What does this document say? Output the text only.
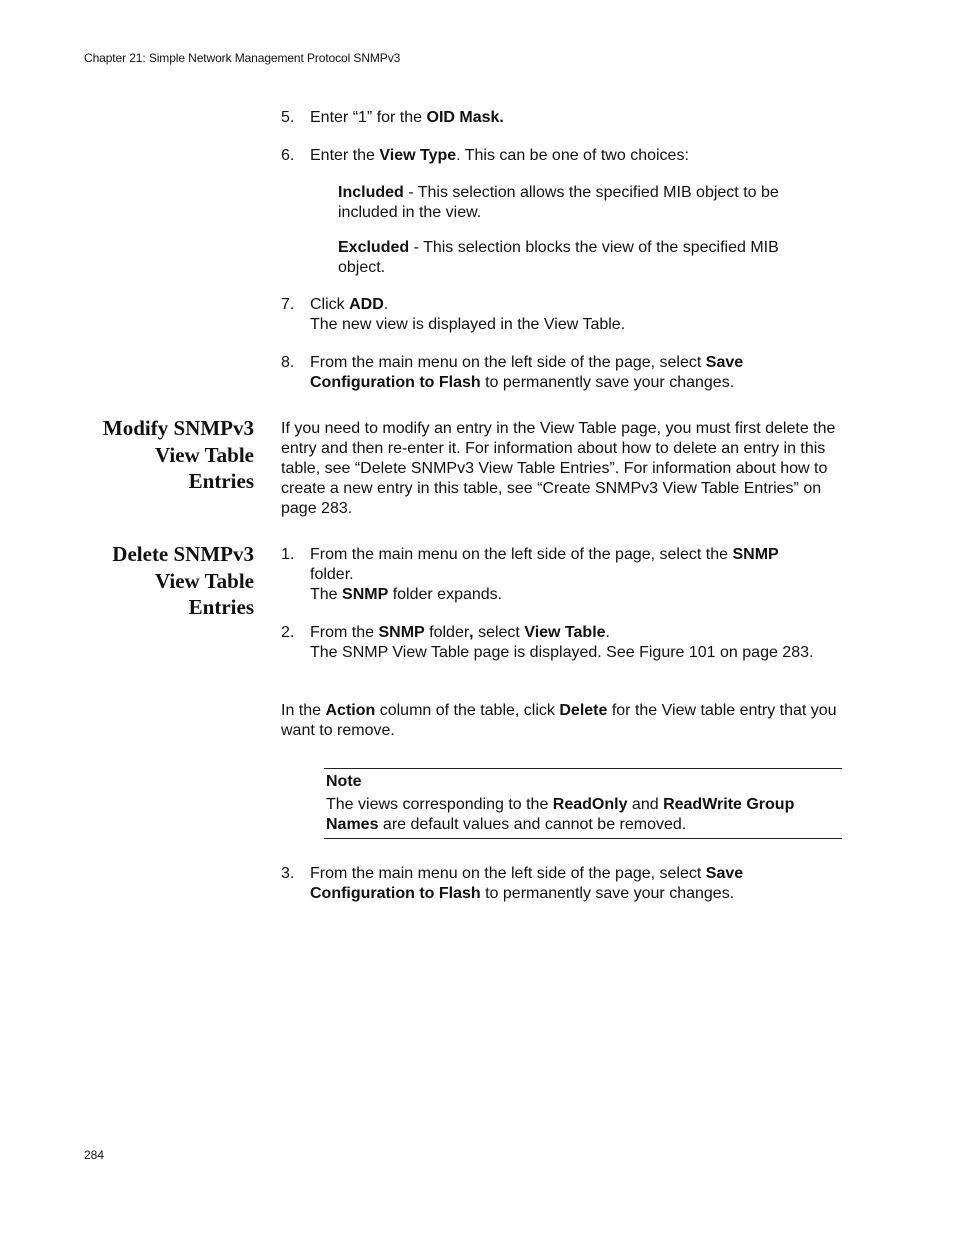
Chapter 21: Simple Network Management Protocol SNMPv3
5. Enter “1” for the OID Mask.
6. Enter the View Type. This can be one of two choices:
Included - This selection allows the specified MIB object to be included in the view.
Excluded - This selection blocks the view of the specified MIB object.
7. Click ADD.
The new view is displayed in the View Table.
8. From the main menu on the left side of the page, select Save Configuration to Flash to permanently save your changes.
Modify SNMPv3
View Table
Entries
If you need to modify an entry in the View Table page, you must first delete the entry and then re-enter it. For information about how to delete an entry in this table, see “Delete SNMPv3 View Table Entries”. For information about how to create a new entry in this table, see “Create SNMPv3 View Table Entries” on page 283.
Delete SNMPv3
View Table
Entries
1. From the main menu on the left side of the page, select the SNMP folder.
The SNMP folder expands.
2. From the SNMP folder, select View Table.
The SNMP View Table page is displayed. See Figure 101 on page 283.
In the Action column of the table, click Delete for the View table entry that you want to remove.
Note
The views corresponding to the ReadOnly and ReadWrite Group Names are default values and cannot be removed.
3. From the main menu on the left side of the page, select Save Configuration to Flash to permanently save your changes.
284
